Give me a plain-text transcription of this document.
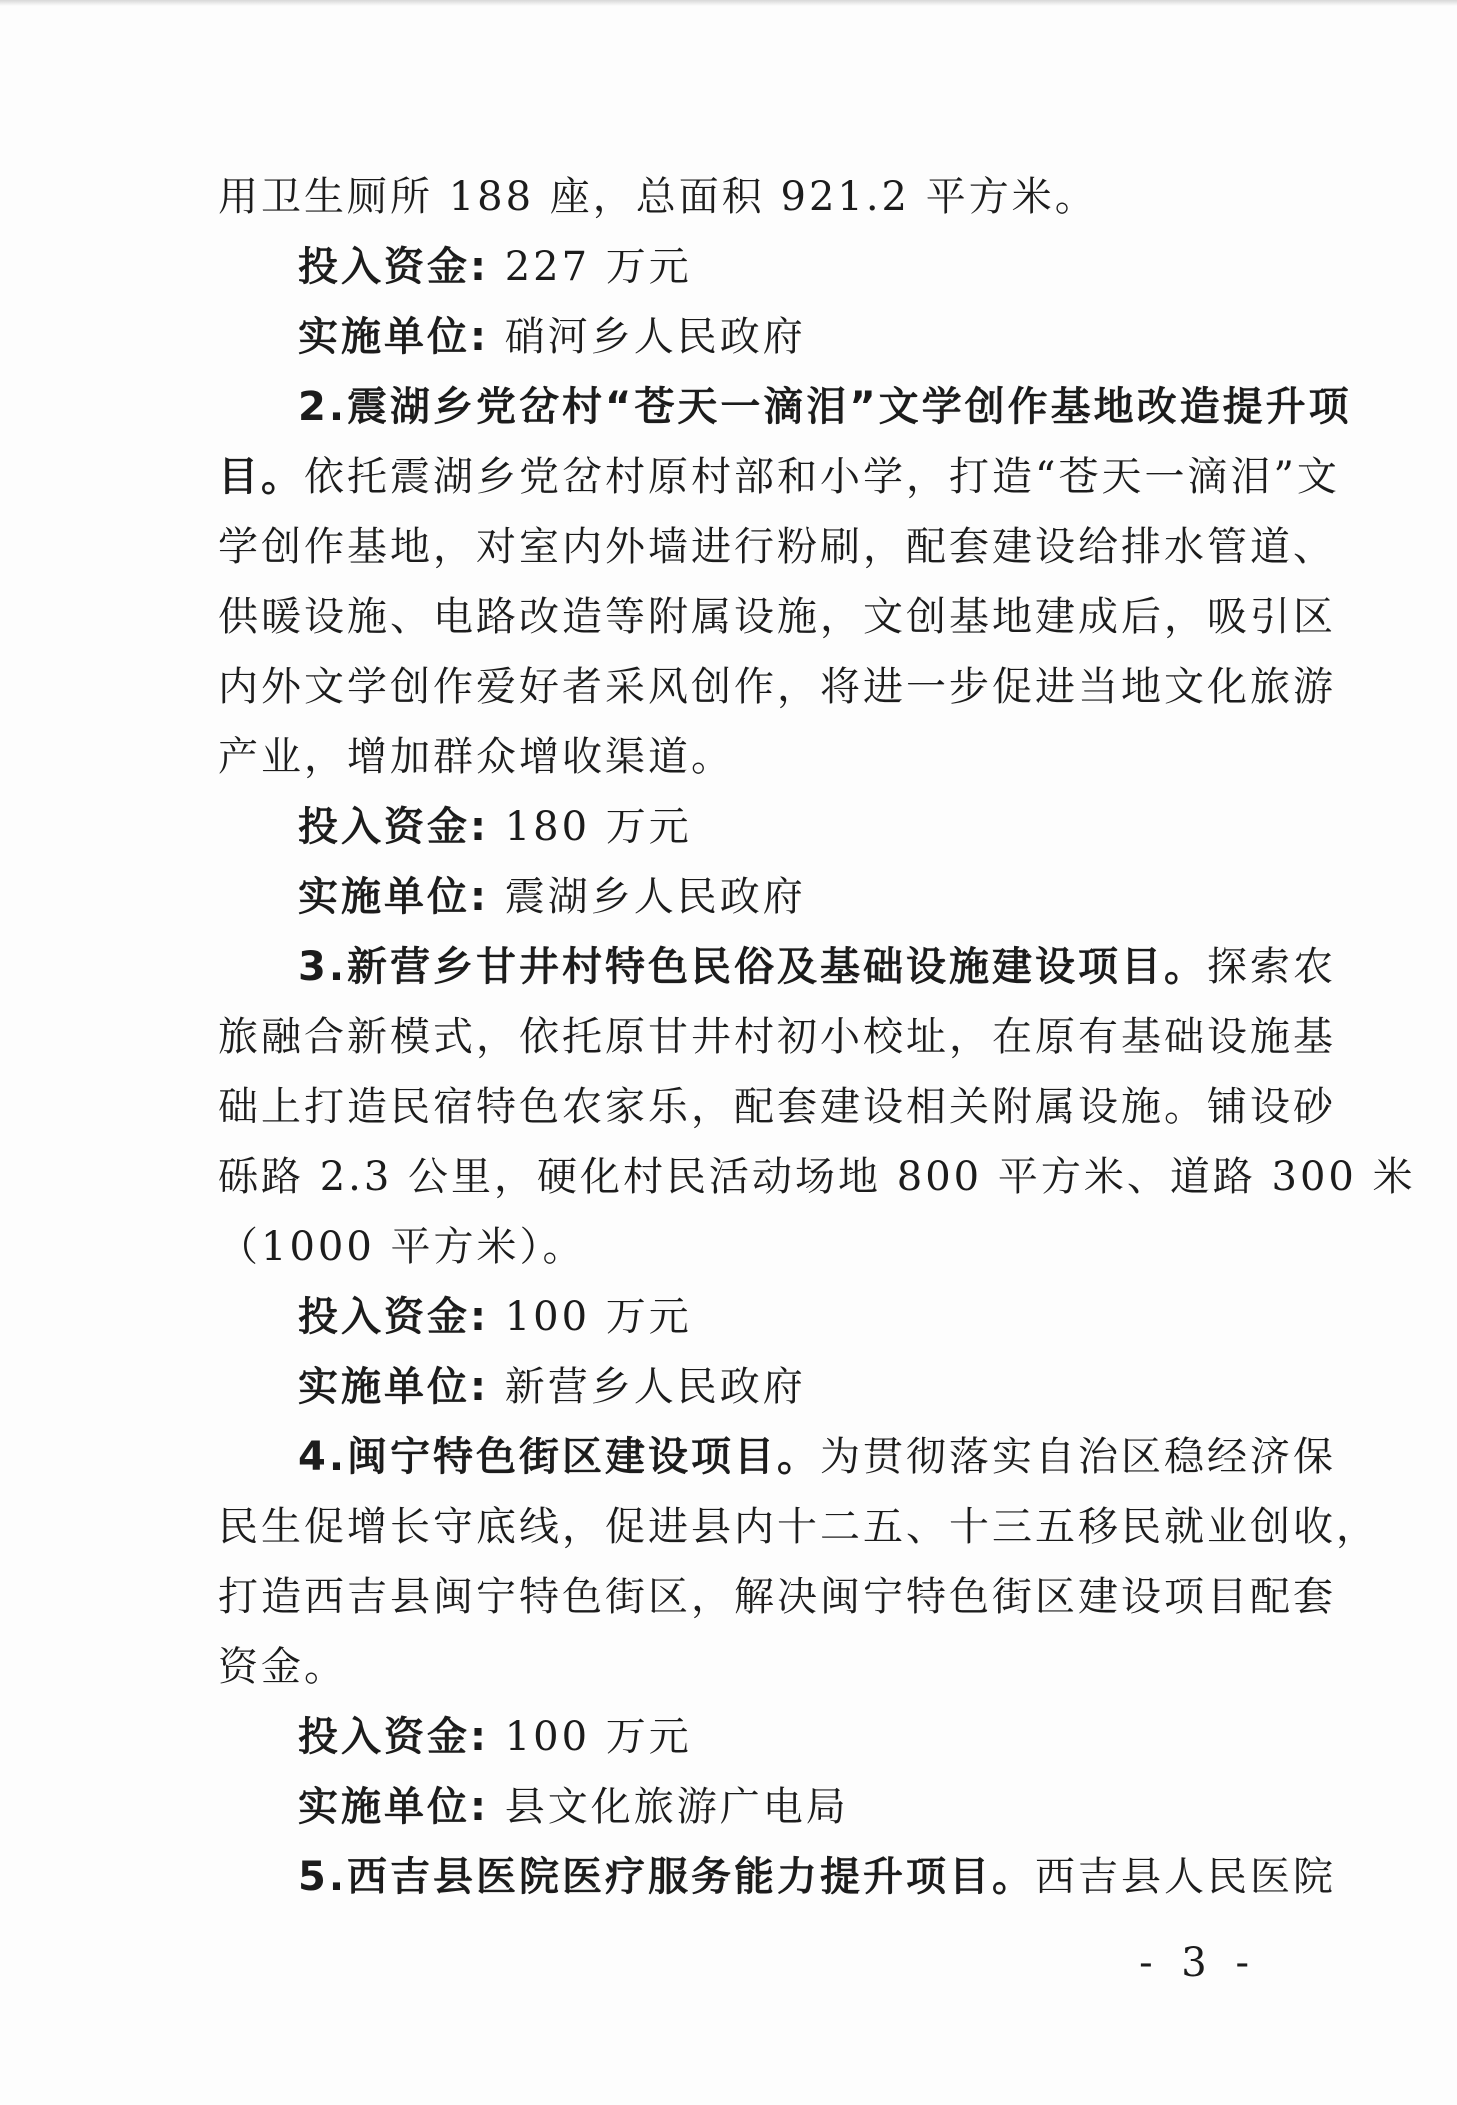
用卫生厕所 188 座，总面积 921.2 平方米。
投入资金: 227 万元
实施单位: 硝河乡人民政府
2.震湖乡党岔村“苍天一滴泪”文学创作基地改造提升项
目。依托震湖乡党岔村原村部和小学，打造“苍天一滴泪”文
学创作基地，对室内外墙进行粉刷，配套建设给排水管道、
供暖设施、电路改造等附属设施，文创基地建成后，吸引区
内外文学创作爱好者采风创作，将进一步促进当地文化旅游
产业，增加群众增收渠道。
投入资金: 180 万元
实施单位: 震湖乡人民政府
3.新营乡甘井村特色民俗及基础设施建设项目。探索农
旅融合新模式，依托原甘井村初小校址，在原有基础设施基
础上打造民宿特色农家乐，配套建设相关附属设施。铺设砂
砾路 2.3 公里，硬化村民活动场地 800 平方米、道路 300 米
（1000 平方米）。
投入资金: 100 万元
实施单位: 新营乡人民政府
4.闽宁特色街区建设项目。为贯彻落实自治区稳经济保
民生促增长守底线，促进县内十二五、十三五移民就业创收，
打造西吉县闽宁特色街区，解决闽宁特色街区建设项目配套
资金。
投入资金: 100 万元
实施单位: 县文化旅游广电局
5.西吉县医院医疗服务能力提升项目。西吉县人民医院
- 3 -
